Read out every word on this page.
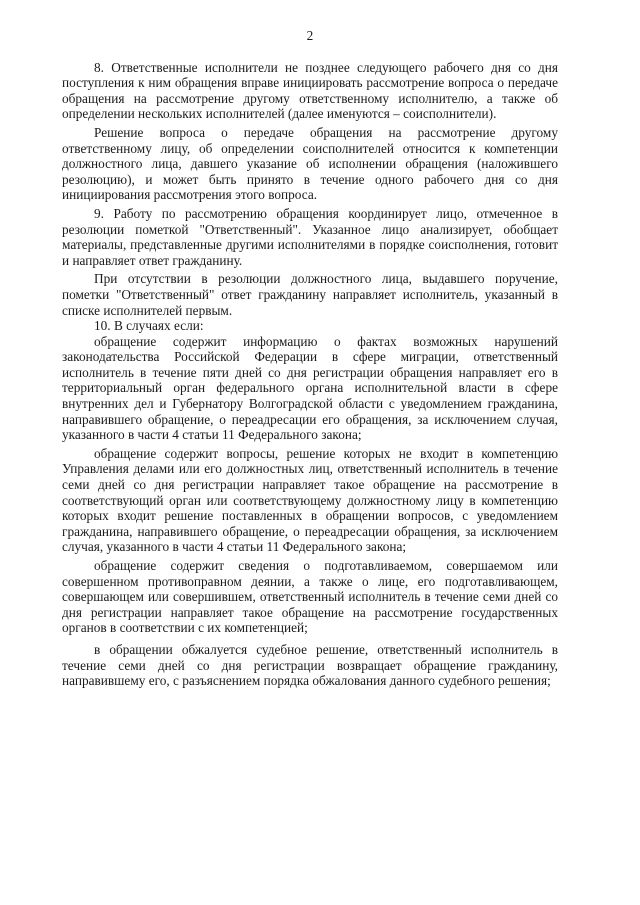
2

8. Ответственные исполнители не позднее следующего рабочего дня со дня поступления к ним обращения вправе инициировать рассмотрение вопроса о передаче обращения на рассмотрение другому ответственному исполнителю, а также об определении нескольких исполнителей (далее именуются – соисполнители).

Решение вопроса о передаче обращения на рассмотрение другому ответственному лицу, об определении соисполнителей относится к компетенции должностного лица, давшего указание об исполнении обращения (наложившего резолюцию), и может быть принято в течение одного рабочего дня со дня инициирования рассмотрения этого вопроса.

9. Работу по рассмотрению обращения координирует лицо, отмеченное в резолюции пометкой "Ответственный". Указанное лицо анализирует, обобщает материалы, представленные другими исполнителями в порядке соисполнения, готовит и направляет ответ гражданину.

При отсутствии в резолюции должностного лица, выдавшего поручение, пометки "Ответственный" ответ гражданину направляет исполнитель, указанный в списке исполнителей первым.

10. В случаях если:

обращение содержит информацию о фактах возможных нарушений законодательства Российской Федерации в сфере миграции, ответственный исполнитель в течение пяти дней со дня регистрации обращения направляет его в территориальный орган федерального органа исполнительной власти в сфере внутренних дел и Губернатору Волгоградской области с уведомлением гражданина, направившего обращение, о переадресации его обращения, за исключением случая, указанного в части 4 статьи 11 Федерального закона;

обращение содержит вопросы, решение которых не входит в компетенцию Управления делами или его должностных лиц, ответственный исполнитель в течение семи дней со дня регистрации направляет такое обращение на рассмотрение в соответствующий орган или соответствующему должностному лицу в компетенцию которых входит решение поставленных в обращении вопросов, с уведомлением гражданина, направившего обращение, о переадресации обращения, за исключением случая, указанного в части 4 статьи 11 Федерального закона;

обращение содержит сведения о подготавливаемом, совершаемом или совершенном противоправном деянии, а также о лице, его подготавливающем, совершающем или совершившем, ответственный исполнитель в течение семи дней со дня регистрации направляет такое обращение на рассмотрение государственных органов в соответствии с их компетенцией;

в обращении обжалуется судебное решение, ответственный исполнитель в течение семи дней со дня регистрации возвращает обращение гражданину, направившему его, с разъяснением порядка обжалования данного судебного решения;
